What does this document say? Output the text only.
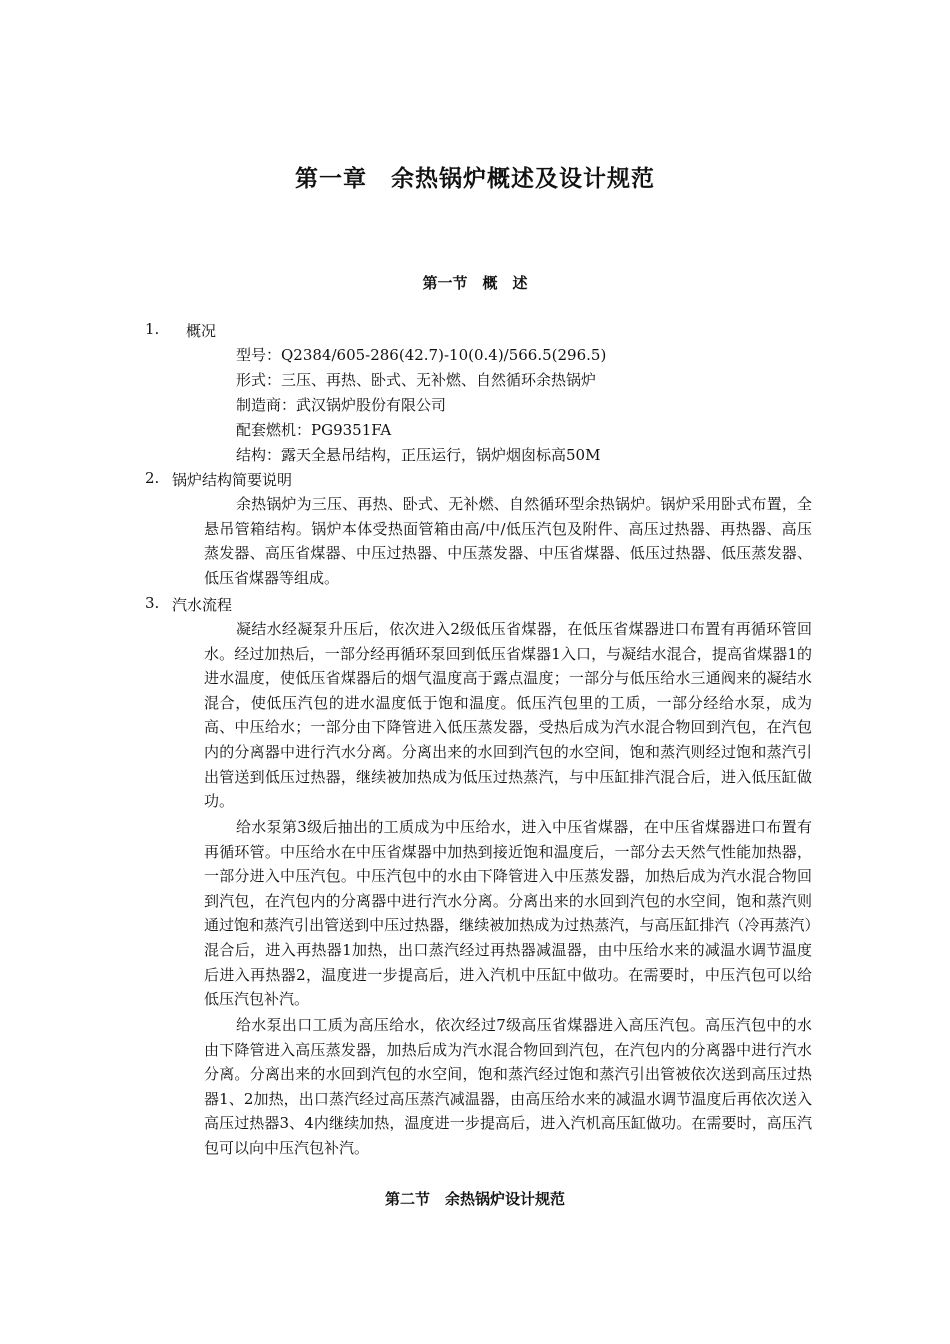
第一章　余热锅炉概述及设计规范
第一节　概　述
1. 概况
型号：Q2384/605-286(42.7)-10(0.4)/566.5(296.5)
形式：三压、再热、卧式、无补燃、自然循环余热锅炉
制造商：武汉锅炉股份有限公司
配套燃机：PG9351FA
结构：露天全悬吊结构，正压运行，锅炉烟囱标高50M
2. 锅炉结构简要说明

余热锅炉为三压、再热、卧式、无补燃、自然循环型余热锅炉。锅炉采用卧式布置，全悬吊管箱结构。锅炉本体受热面管箱由高/中/低压汽包及附件、高压过热器、再热器、高压蒸发器、高压省煤器、中压过热器、中压蒸发器、中压省煤器、低压过热器、低压蒸发器、低压省煤器等组成。

3. 汽水流程

凝结水经凝泵升压后，依次进入2级低压省煤器，在低压省煤器进口布置有再循环管回水。经过加热后，一部分经再循环泵回到低压省煤器1入口，与凝结水混合，提高省煤器1的进水温度，使低压省煤器后的烟气温度高于露点温度；一部分与低压给水三通阀来的凝结水混合，使低压汽包的进水温度低于饱和温度。低压汽包里的工质，一部分经给水泵，成为高、中压给水；一部分由下降管进入低压蒸发器，受热后成为汽水混合物回到汽包，在汽包内的分离器中进行汽水分离。分离出来的水回到汽包的水空间，饱和蒸汽则经过饱和蒸汽引出管送到低压过热器，继续被加热成为低压过热蒸汽，与中压缸排汽混合后，进入低压缸做功。

给水泵第3级后抽出的工质成为中压给水，进入中压省煤器，在中压省煤器进口布置有再循环管。中压给水在中压省煤器中加热到接近饱和温度后，一部分去天然气性能加热器，一部分进入中压汽包。中压汽包中的水由下降管进入中压蒸发器，加热后成为汽水混合物回到汽包，在汽包内的分离器中进行汽水分离。分离出来的水回到汽包的水空间，饱和蒸汽则通过饱和蒸汽引出管送到中压过热器，继续被加热成为过热蒸汽，与高压缸排汽（冷再蒸汽）混合后，进入再热器1加热，出口蒸汽经过再热器减温器，由中压给水来的减温水调节温度后进入再热器2，温度进一步提高后，进入汽机中压缸中做功。在需要时，中压汽包可以给低压汽包补汽。

给水泵出口工质为高压给水，依次经过7级高压省煤器进入高压汽包。高压汽包中的水由下降管进入高压蒸发器，加热后成为汽水混合物回到汽包，在汽包内的分离器中进行汽水分离。分离出来的水回到汽包的水空间，饱和蒸汽经过饱和蒸汽引出管被依次送到高压过热器1、2加热，出口蒸汽经过高压蒸汽减温器，由高压给水来的减温水调节温度后再依次送入高压过热器3、4内继续加热，温度进一步提高后，进入汽机高压缸做功。在需要时，高压汽包可以向中压汽包补汽。

第二节　余热锅炉设计规范
